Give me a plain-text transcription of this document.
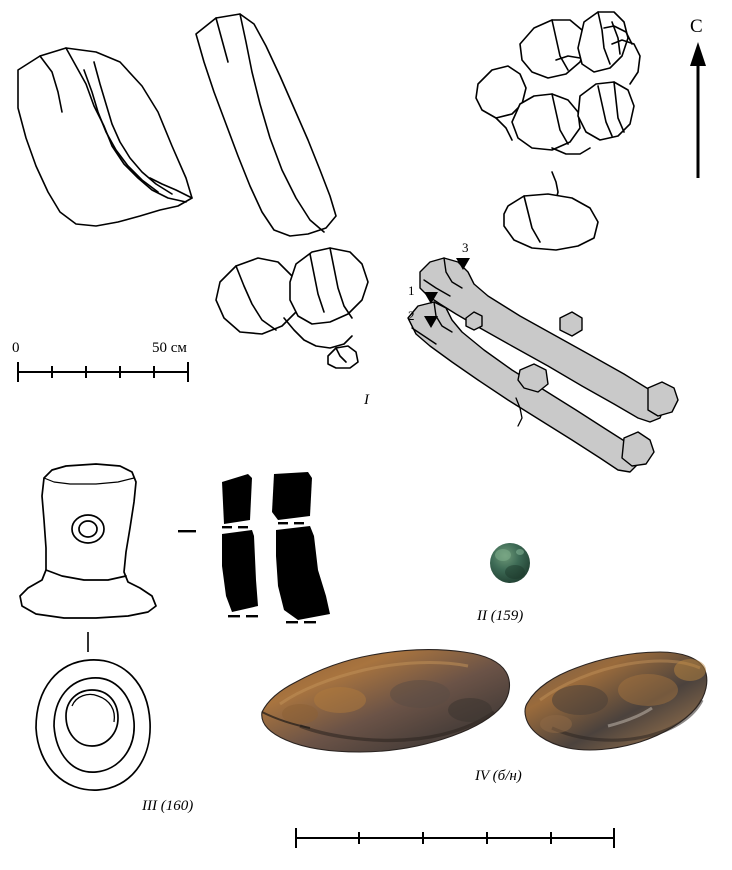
С
0	50 см
3
1
2
I
II (159)
III (160)
IV (б/н)
